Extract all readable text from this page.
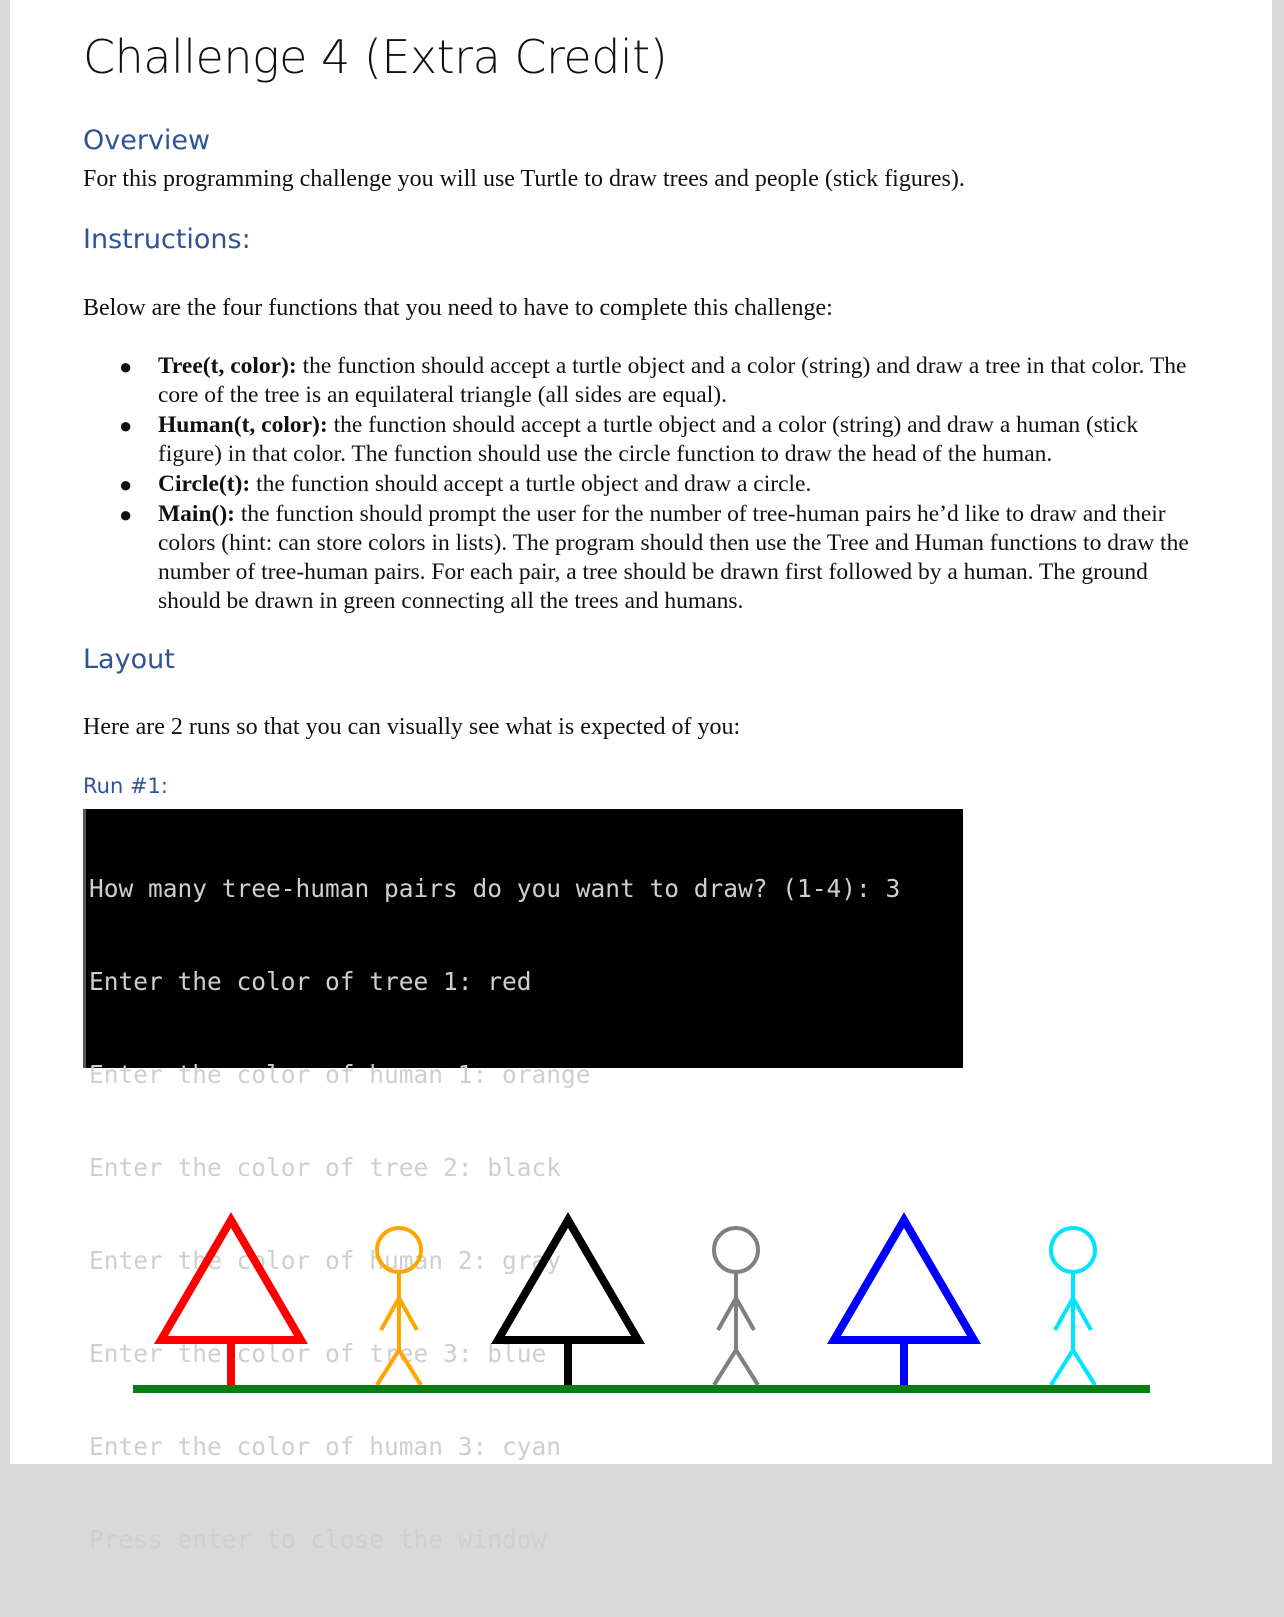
Challenge 4 (Extra Credit)
Overview
For this programming challenge you will use Turtle to draw trees and people (stick figures).
Instructions:
Below are the four functions that you need to have to complete this challenge:
● Tree(t, color): the function should accept a turtle object and a color (string) and draw a tree in that color. The core of the tree is an equilateral triangle (all sides are equal).
● Human(t, color): the function should accept a turtle object and a color (string) and draw a human (stick figure) in that color. The function should use the circle function to draw the head of the human.
● Circle(t): the function should accept a turtle object and draw a circle.
● Main(): the function should prompt the user for the number of tree-human pairs he’d like to draw and their colors (hint: can store colors in lists). The program should then use the Tree and Human functions to draw the number of tree-human pairs. For each pair, a tree should be drawn first followed by a human. The ground should be drawn in green connecting all the trees and humans.
Layout
Here are 2 runs so that you can visually see what is expected of you:
Run #1:

How many tree-human pairs do you want to draw? (1-4): 3

Enter the color of tree 1: red

Enter the color of human 1: orange

Enter the color of tree 2: black

Enter the color of human 2: gray

Enter the color of tree 3: blue

Enter the color of human 3: cyan

Press enter to close the window
